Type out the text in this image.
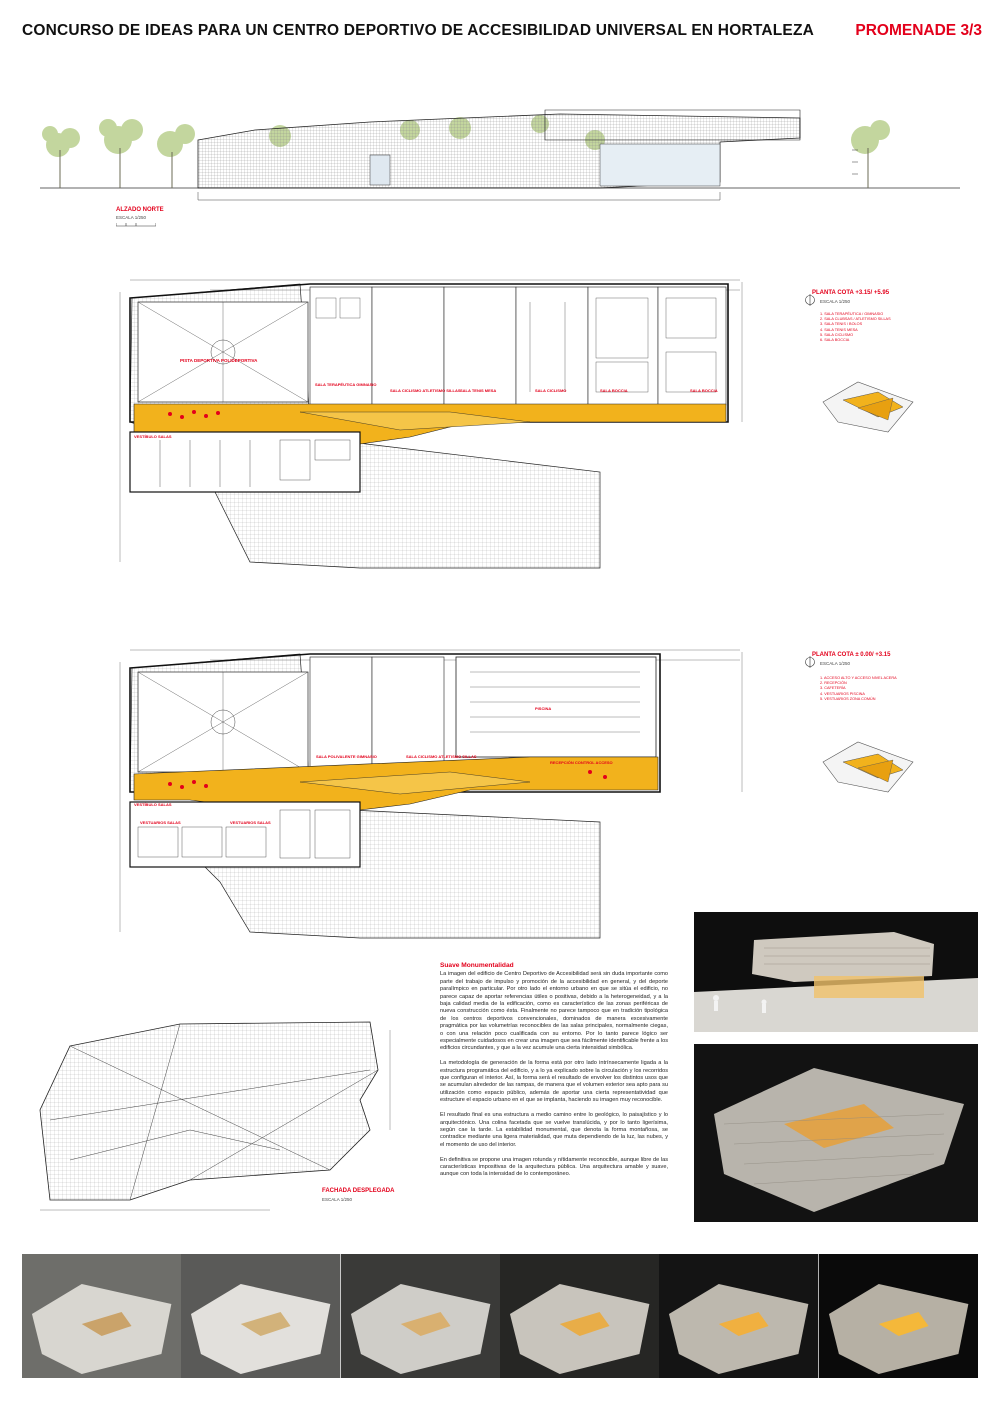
CONCURSO DE IDEAS PARA UN CENTRO DEPORTIVO DE ACCESIBILIDAD UNIVERSAL EN HORTALEZA	PROMENADE 3/3
ALZADO NORTE
ESCALA 1/250
PISTA DEPORTIVA POLIDEPORTIVA
SALA TERAPÉUTICA GIMNASIO
SALA CICLISMO ATLETISMO SILLAS SALA TENIS MESA	SALA CICLISMO	SALA BOCCIA	SALA BOCCIA
VESTÍBULO SALAS
PLANTA COTA +3.15/ +5.95
ESCALA 1/250
1. SALA TERAPÉUTICA / GIMNASIO
2. SALA CLUBSAS / ATLETISMO SILLAS
3. SALA TENIS / BOLOS
4. SALA TENIS MESA
5. SALA CICLISMO
6. SALA BOCCIA
PISCINA
SALA POLIVALENTE GIMNASIO	SALA CICLISMO ATLETISMO SILLAS
RECEPCIÓN CONTROL ACCESO
VESTÍBULO SALAS
VESTUARIOS SALAS	VESTUARIOS SALAS
PLANTA COTA ± 0.00/ +3.15
ESCALA 1/250
1. ACCESO ALTO Y ACCESO NIVEL ACERA
2. RECEPCIÓN
3. CAFETERÍA
4. VESTUARIOS PISCINA
5. VESTUARIOS ZONA COMÚN
FACHADA DESPLEGADA
ESCALA 1/250
Suave Monumentalidad

La imagen del edificio de Centro Deportivo de Accesibilidad será sin duda importante como parte del trabajo de impulso y promoción de la accesibilidad en general, y del deporte paralímpico en particular. Por otro lado el entorno urbano en que se sitúa el edificio, no parece capaz de aportar referencias útiles o positivas, debido a la heterogeneidad, y a la baja calidad media de la edificación, como es característico de las zonas periféricas de nueva construcción como ésta. Finalmente no parece tampoco que en tradición tipológica de los centros deportivos convencionales, dominados de manera excesivamente pragmática por las volumetrías reconocibles de las salas principales, normalmente ciegas, o con una relación poco cualificada con su entorno. Por lo tanto parece lógico ser especialmente cuidadosos en crear una imagen que sea fácilmente identificable frente a los edificios circundantes, y que a la vez acumule una cierta intensidad simbólica.

La metodología de generación de la forma está por otro lado intrínsecamente ligada a la estructura programática del edificio, y a lo ya explicado sobre la circulación y los recorridos que configuran el interior. Así, la forma será el resultado de envolver los distintos usos que se acumulan alrededor de las rampas, de manera que el volumen exterior sea apto para su utilización como espacio público, además de aportar una cierta representatividad que estructure el espacio urbano en el que se implanta, haciendo su imagen muy reconocible.

El resultado final es una estructura a medio camino entre lo geológico, lo paisajístico y lo arquitectónico. Una colina facetada que se vuelve translúcida, y por lo tanto ligerísima, según cae la tarde. La estabilidad monumental, que denota la forma montañosa, se contradice mediante una ligera materialidad, que muta dependiendo de la luz, las nubes, y el momento de uso del interior.

En definitiva se propone una imagen rotunda y nítidamente reconocible, aunque libre de las características impositivas de la arquitectura pública. Una arquitectura amable y suave, aunque con toda la intensidad de lo contemporáneo.
